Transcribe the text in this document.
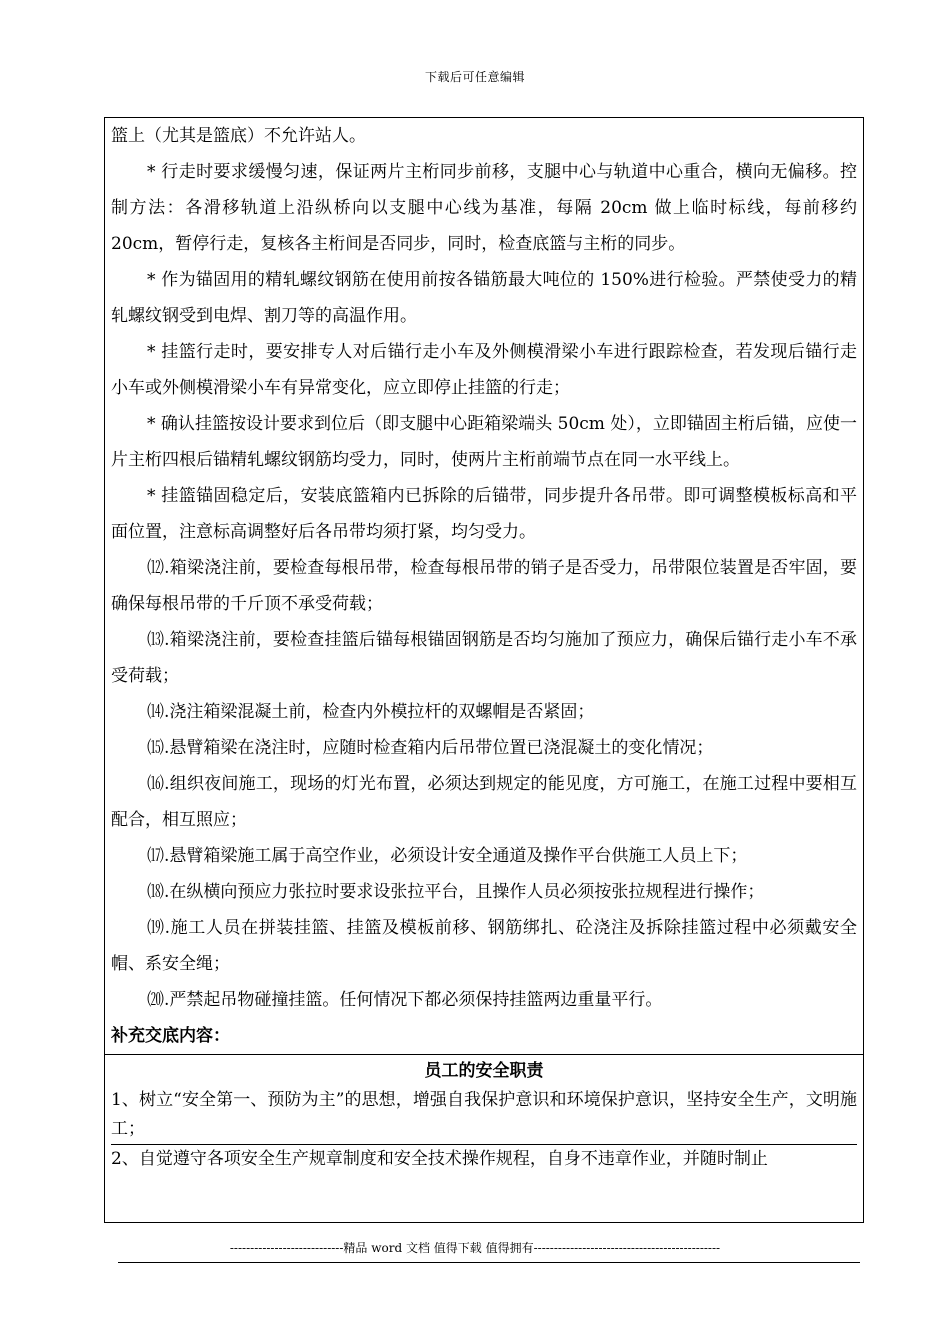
下载后可任意编辑

篮上（尤其是篮底）不允许站人。

* 行走时要求缓慢匀速，保证两片主桁同步前移，支腿中心与轨道中心重合，横向无偏移。控制方法：各滑移轨道上沿纵桥向以支腿中心线为基准，每隔 20cm 做上临时标线，每前移约 20cm，暂停行走，复核各主桁间是否同步，同时，检查底篮与主桁的同步。

* 作为锚固用的精轧螺纹钢筋在使用前按各锚筋最大吨位的 150%进行检验。严禁使受力的精轧螺纹钢受到电焊、割刀等的高温作用。

* 挂篮行走时，要安排专人对后锚行走小车及外侧模滑梁小车进行跟踪检查，若发现后锚行走小车或外侧模滑梁小车有异常变化，应立即停止挂篮的行走；

* 确认挂篮按设计要求到位后（即支腿中心距箱梁端头 50cm 处），立即锚固主桁后锚，应使一片主桁四根后锚精轧螺纹钢筋均受力，同时，使两片主桁前端节点在同一水平线上。

* 挂篮锚固稳定后，安装底篮箱内已拆除的后锚带，同步提升各吊带。即可调整模板标高和平面位置，注意标高调整好后各吊带均须打紧，均匀受力。

⑿.箱梁浇注前，要检查每根吊带，检查每根吊带的销子是否受力，吊带限位装置是否牢固，要确保每根吊带的千斤顶不承受荷载；

⒀.箱梁浇注前，要检查挂篮后锚每根锚固钢筋是否均匀施加了预应力，确保后锚行走小车不承受荷载；

⒁.浇注箱梁混凝土前，检查内外模拉杆的双螺帽是否紧固；

⒂.悬臂箱梁在浇注时，应随时检查箱内后吊带位置已浇混凝土的变化情况；

⒃.组织夜间施工，现场的灯光布置，必须达到规定的能见度，方可施工，在施工过程中要相互配合，相互照应；

⒄.悬臂箱梁施工属于高空作业，必须设计安全通道及操作平台供施工人员上下；

⒅.在纵横向预应力张拉时要求设张拉平台，且操作人员必须按张拉规程进行操作；

⒆.施工人员在拼装挂篮、挂篮及模板前移、钢筋绑扎、砼浇注及拆除挂篮过程中必须戴安全帽、系安全绳；

⒇.严禁起吊物碰撞挂篮。任何情况下都必须保持挂篮两边重量平行。

补充交底内容：

员工的安全职责

1、树立“安全第一、预防为主”的思想，增强自我保护意识和环境保护意识，坚持安全生产，文明施工；

2、自觉遵守各项安全生产规章制度和安全技术操作规程，自身不违章作业，并随时制止

----------------------------精品 word 文档 值得下载 值得拥有----------------------------------------------
